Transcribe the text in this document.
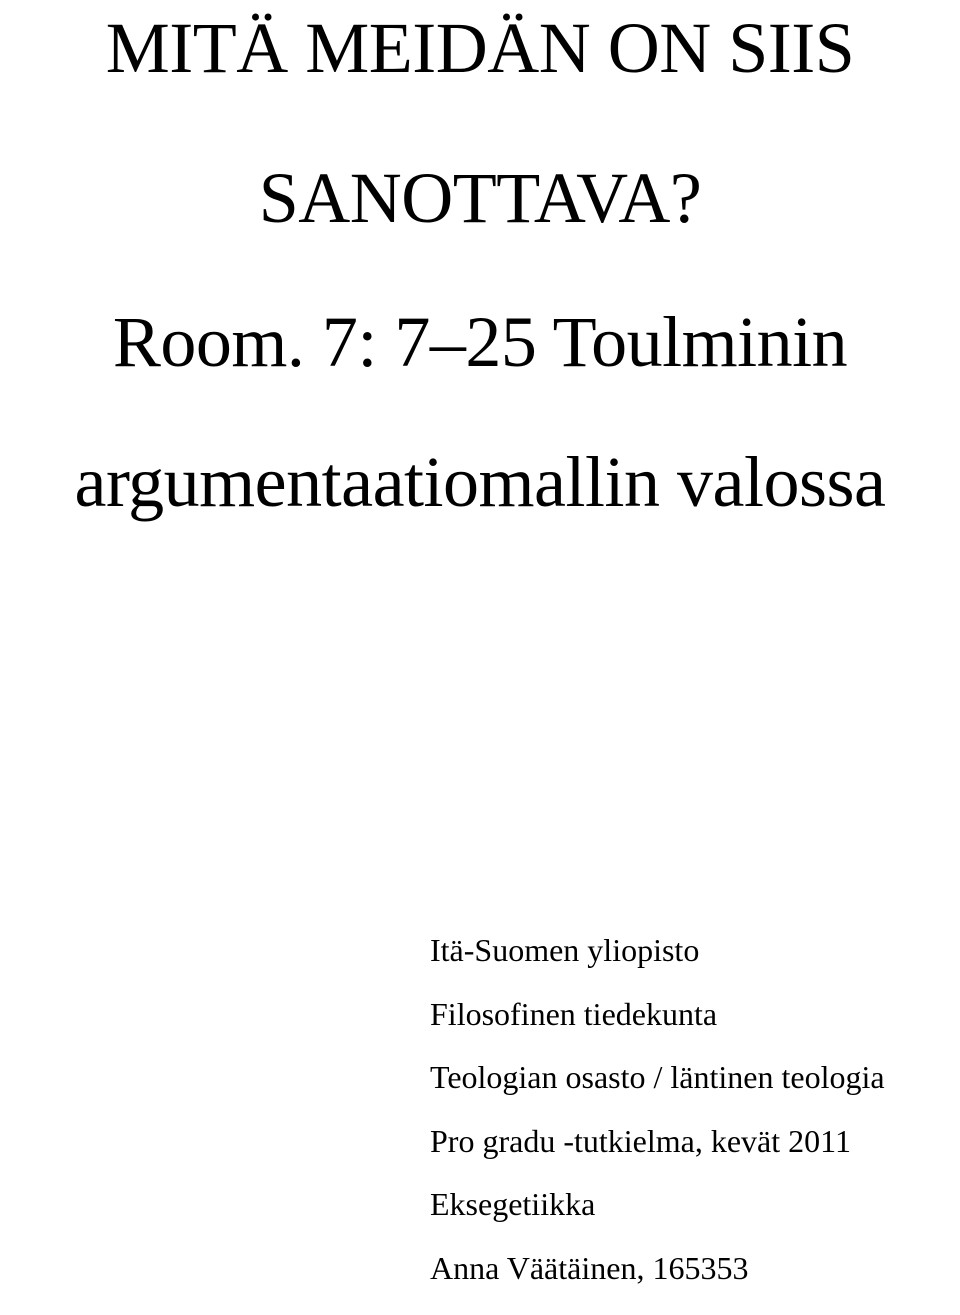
MITÄ MEIDÄN ON SIIS
SANOTTAVA?
Room. 7: 7–25 Toulminin
argumentaatiomallin valossa
Itä-Suomen yliopisto
Filosofinen tiedekunta
Teologian osasto / läntinen teologia
Pro gradu -tutkielma, kevät 2011
Eksegetiikka
Anna Väätäinen, 165353
